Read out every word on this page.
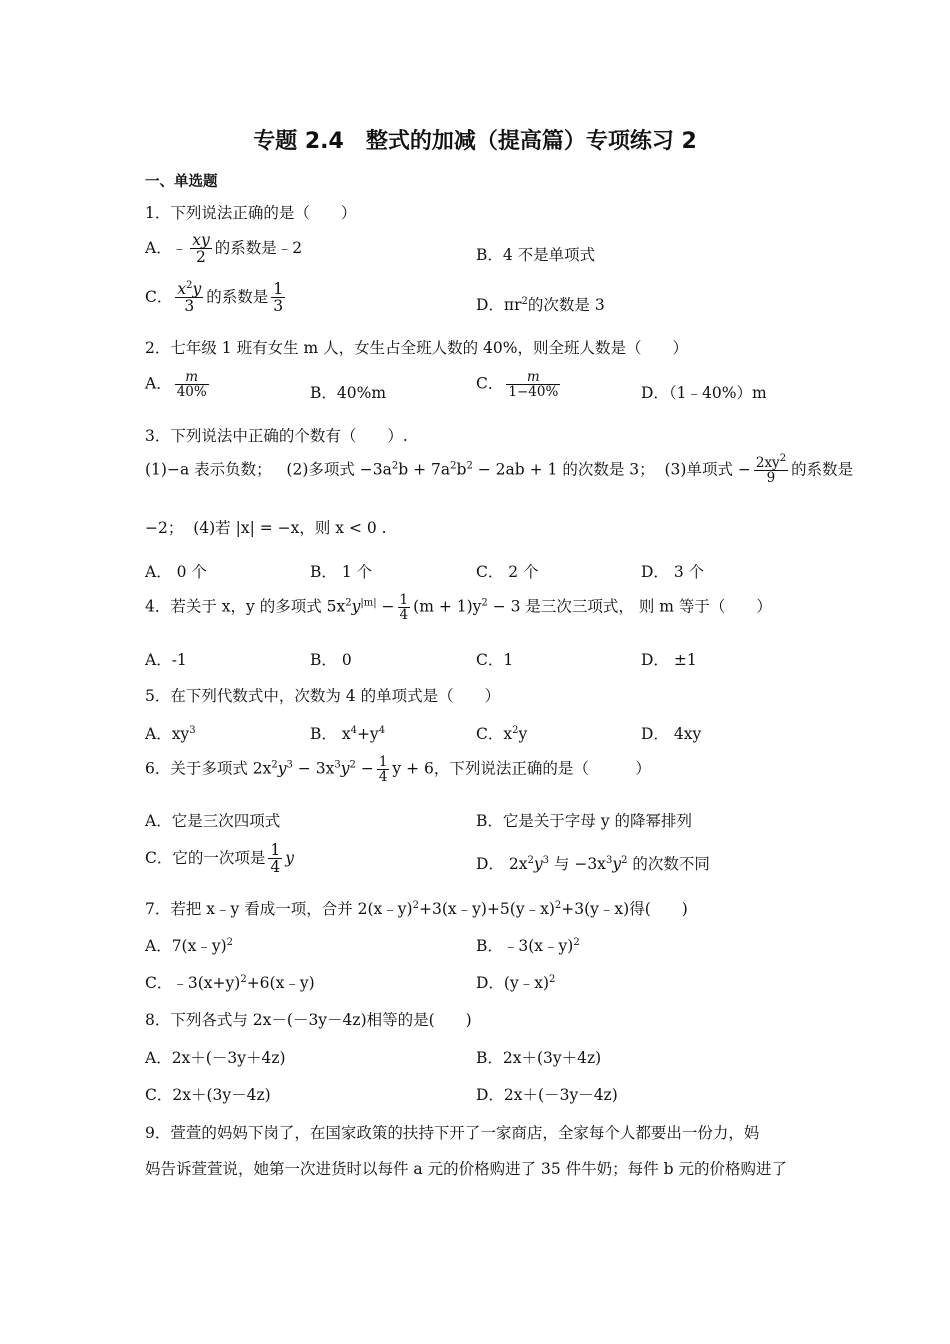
专题 2.4　整式的加减（提高篇）专项练习 2
一、单选题
1．下列说法正确的是（　　）
A．﹣ $\frac{xy}{2}$ 的系数是﹣2	B．4 不是单项式
C． $\frac{x^2y}{3}$ 的系数是 $\frac{1}{3}$	D．$\pi r^2$的次数是 3
2．七年级 1 班有女生 m 人，女生占全班人数的 40%，则全班人数是（　　）
A． $\frac{m}{40\%}$	B．40%m
C． $\frac{m}{1-40\%}$	D．（1﹣40%）m
3．下列说法中正确的个数有（　　）.
(1)−a 表示负数； (2)多项式 $-3a^2b + 7a^2b^2 - 2ab + 1$ 的次数是 3； (3)单项式 − $\frac{2xy^2}{9}$ 的系数是
−2； (4)若 |x| = −x，则 x < 0 .
A． 0 个	B． 1 个	C． 2 个	D． 3 个
4．若关于 x，y 的多项式 $5x^2y^{|m|} - \frac{1}{4} (m + 1)y^2 - 3$ 是三次三项式， 则 m 等于（　　）
A．-1	B． 0	C．1	D． ±1
5．在下列代数式中，次数为 4 的单项式是（　　）
A．$xy^3$	B． $x^4+y^4$	C．$x^2y$	D． 4xy
6．关于多项式 $2x^2y^3 - 3x^3y^2 - \frac{1}{4}$ y + 6，下列说法正确的是（　　　）
A．它是三次四项式	B．它是关于字母 y 的降幂排列
C．它的一次项是 $\frac{1}{4}$ y	D． $2x^2y^3$ 与 $-3x^3y^2$ 的次数不同
7．若把 x﹣y 看成一项，合并 2(x﹣y)$^2$+3(x﹣y)+5(y﹣x)$^2$+3(y﹣x)得(　　)
A．7(x﹣y)$^2$	B．﹣3(x﹣y)$^2$
C．$﹣3(x+y)^2+6(x﹣y)$	D．(y﹣x)$^2$
8．下列各式与 2x－(－3y－4z)相等的是(　　)
A．2x＋(－3y＋4z)	B．2x＋(3y＋4z)
C．2x＋(3y－4z)	D．2x＋(－3y－4z)
9．萱萱的妈妈下岗了，在国家政策的扶持下开了一家商店，全家每个人都要出一份力，妈
妈告诉萱萱说，她第一次进货时以每件 a 元的价格购进了 35 件牛奶；每件 b 元的价格购进了
